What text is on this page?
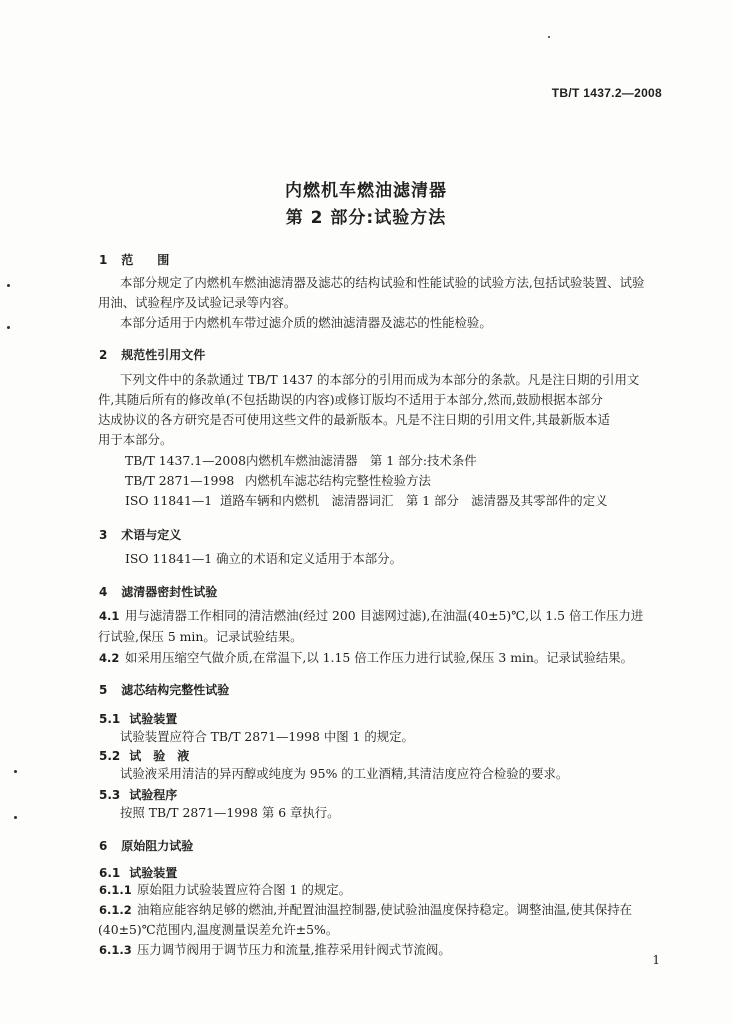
TB/T 1437.2—2008
内燃机车燃油滤清器
第 2 部分:试验方法
1 范　　围
本部分规定了内燃机车燃油滤清器及滤芯的结构试验和性能试验的试验方法,包括试验装置、试验
用油、试验程序及试验记录等内容。
本部分适用于内燃机车带过滤介质的燃油滤清器及滤芯的性能检验。
2 规范性引用文件
下列文件中的条款通过 TB/T 1437 的本部分的引用而成为本部分的条款。凡是注日期的引用文
件,其随后所有的修改单(不包括勘误的内容)或修订版均不适用于本部分,然而,鼓励根据本部分
达成协议的各方研究是否可使用这些文件的最新版本。凡是不注日期的引用文件,其最新版本适
用于本部分。
TB/T 1437.1—2008内燃机车燃油滤清器　第 1 部分:技术条件
TB/T 2871—1998 内燃机车滤芯结构完整性检验方法
ISO 11841—1 道路车辆和内燃机　滤清器词汇　第 1 部分　滤清器及其零部件的定义
3 术语与定义
ISO 11841—1 确立的术语和定义适用于本部分。
4 滤清器密封性试验
4.1 用与滤清器工作相同的清洁燃油(经过 200 目滤网过滤),在油温(40±5)℃,以 1.5 倍工作压力进
行试验,保压 5 min。记录试验结果。
4.2 如采用压缩空气做介质,在常温下,以 1.15 倍工作压力进行试验,保压 3 min。记录试验结果。
5 滤芯结构完整性试验
5.1 试验装置
试验装置应符合 TB/T 2871—1998 中图 1 的规定。
5.2 试　验　液
试验液采用清洁的异丙醇或纯度为 95% 的工业酒精,其清洁度应符合检验的要求。
5.3 试验程序
按照 TB/T 2871—1998 第 6 章执行。
6 原始阻力试验
6.1 试验装置
6.1.1 原始阻力试验装置应符合图 1 的规定。
6.1.2 油箱应能容纳足够的燃油,并配置油温控制器,使试验油温度保持稳定。调整油温,使其保持在
(40±5)℃范围内,温度测量误差允许±5%。
6.1.3 压力调节阀用于调节压力和流量,推荐采用针阀式节流阀。
1
